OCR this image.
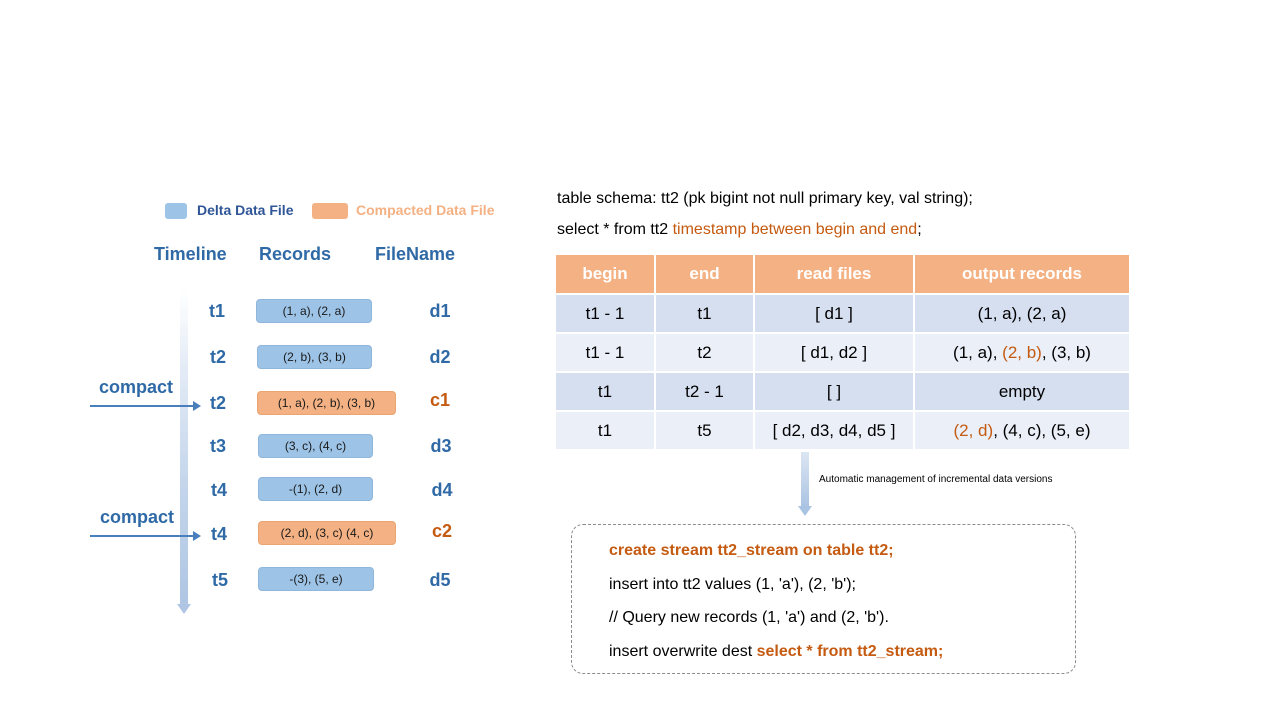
Delta Data File	Compacted Data File
Timeline Records FileName
t1	(1, a), (2, a)	d1
t2	(2, b), (3, b)	d2
t2	(1, a), (2, b), (3, b)	c1
t3	(3, c), (4, c)	d3
t4	-(1), (2, d)	d4
t4	(2, d), (3, c) (4, c)	c2
t5	-(3), (5, e)	d5
compact
compact
table schema: tt2 (pk bigint not null primary key, val string);
select * from tt2 timestamp between begin and end;
begin	end	read files	output records
t1 - 1	t1	[ d1 ]	(1, a), (2, a)
t1 - 1	t2	[ d1, d2 ]	(1, a), (2, b), (3, b)
t1	t2 - 1	[ ]	empty
t1	t5	[ d2, d3, d4, d5 ]	(2, d), (4, c), (5, e)
Automatic management of incremental data versions
create stream tt2_stream on table tt2;
insert into tt2 values (1, 'a'), (2, 'b');
// Query new records (1, 'a') and (2, 'b').
insert overwrite dest select * from tt2_stream;
